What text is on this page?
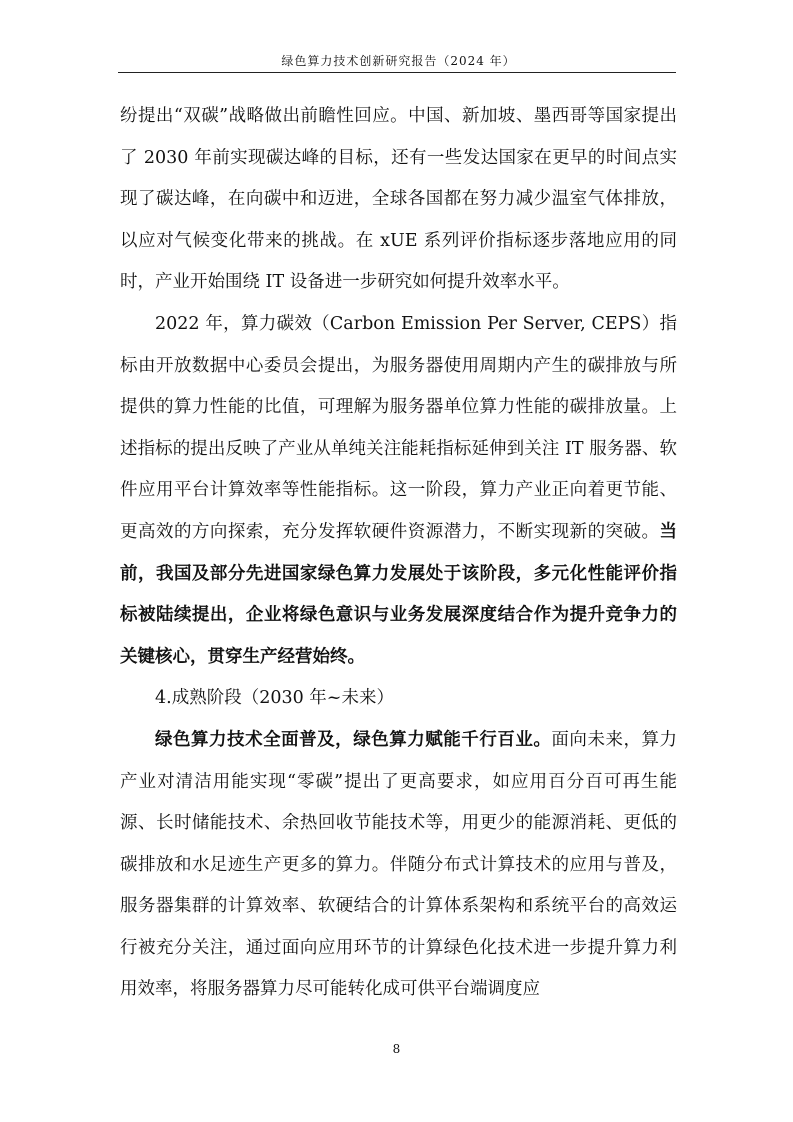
绿色算力技术创新研究报告（2024 年）

纷提出“双碳”战略做出前瞻性回应。中国、新加坡、墨西哥等国家提出了 2030 年前实现碳达峰的目标，还有一些发达国家在更早的时间点实现了碳达峰，在向碳中和迈进，全球各国都在努力减少温室气体排放，以应对气候变化带来的挑战。在 xUE 系列评价指标逐步落地应用的同时，产业开始围绕 IT 设备进一步研究如何提升效率水平。

2022 年，算力碳效（Carbon Emission Per Server, CEPS）指标由开放数据中心委员会提出，为服务器使用周期内产生的碳排放与所提供的算力性能的比值，可理解为服务器单位算力性能的碳排放量。上述指标的提出反映了产业从单纯关注能耗指标延伸到关注 IT 服务器、软件应用平台计算效率等性能指标。这一阶段，算力产业正向着更节能、更高效的方向探索，充分发挥软硬件资源潜力，不断实现新的突破。当前，我国及部分先进国家绿色算力发展处于该阶段，多元化性能评价指标被陆续提出，企业将绿色意识与业务发展深度结合作为提升竞争力的关键核心，贯穿生产经营始终。

4.成熟阶段（2030 年~未来）

绿色算力技术全面普及，绿色算力赋能千行百业。面向未来，算力产业对清洁用能实现“零碳”提出了更高要求，如应用百分百可再生能源、长时储能技术、余热回收节能技术等，用更少的能源消耗、更低的碳排放和水足迹生产更多的算力。伴随分布式计算技术的应用与普及，服务器集群的计算效率、软硬结合的计算体系架构和系统平台的高效运行被充分关注，通过面向应用环节的计算绿色化技术进一步提升算力利用效率，将服务器算力尽可能转化成可供平台端调度应

8
